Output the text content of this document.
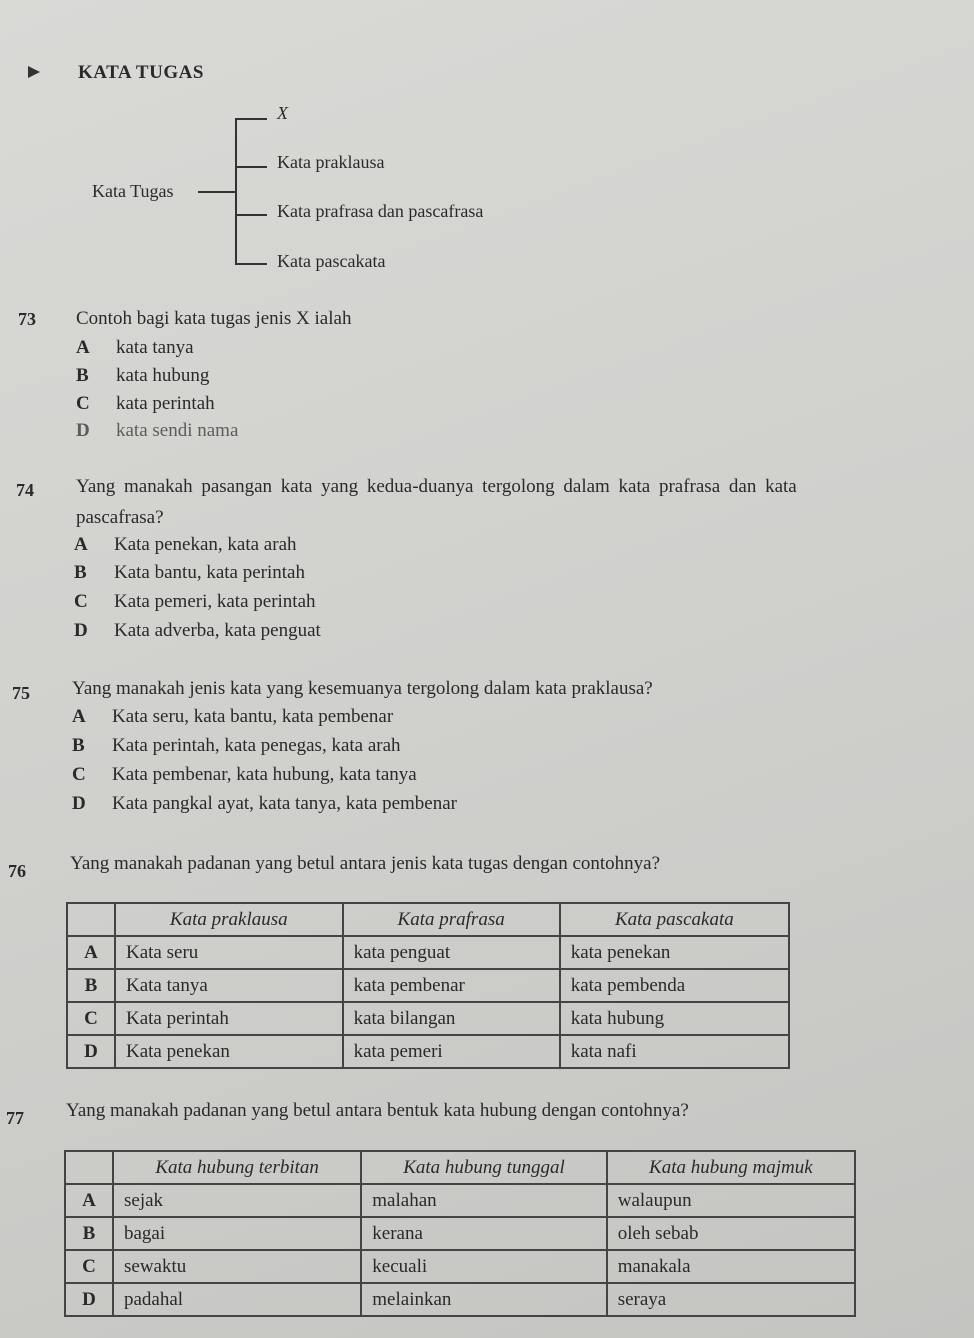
KATA TUGAS
Kata Tugas
X
Kata praklausa
Kata prafrasa dan pascafrasa
Kata pascakata
73 Contoh bagi kata tugas jenis X ialah
A kata tanya
B kata hubung
C kata perintah
D kata sendi nama
74 Yang manakah pasangan kata yang kedua-duanya tergolong dalam kata prafrasa dan kata
pascafrasa?
A Kata penekan, kata arah
B Kata bantu, kata perintah
C Kata pemeri, kata perintah
D Kata adverba, kata penguat
75 Yang manakah jenis kata yang kesemuanya tergolong dalam kata praklausa?
A Kata seru, kata bantu, kata pembenar
B Kata perintah, kata penegas, kata arah
C Kata pembenar, kata hubung, kata tanya
D Kata pangkal ayat, kata tanya, kata pembenar
76 Yang manakah padanan yang betul antara jenis kata tugas dengan contohnya?
	Kata praklausa	Kata prafrasa	Kata pascakata
A	Kata seru	kata penguat	kata penekan
B	Kata tanya	kata pembenar	kata pembenda
C	Kata perintah	kata bilangan	kata hubung
D	Kata penekan	kata pemeri	kata nafi
77 Yang manakah padanan yang betul antara bentuk kata hubung dengan contohnya?
	Kata hubung terbitan	Kata hubung tunggal	Kata hubung majmuk
A	sejak	malahan	walaupun
B	bagai	kerana	oleh sebab
C	sewaktu	kecuali	manakala
D	padahal	melainkan	seraya
